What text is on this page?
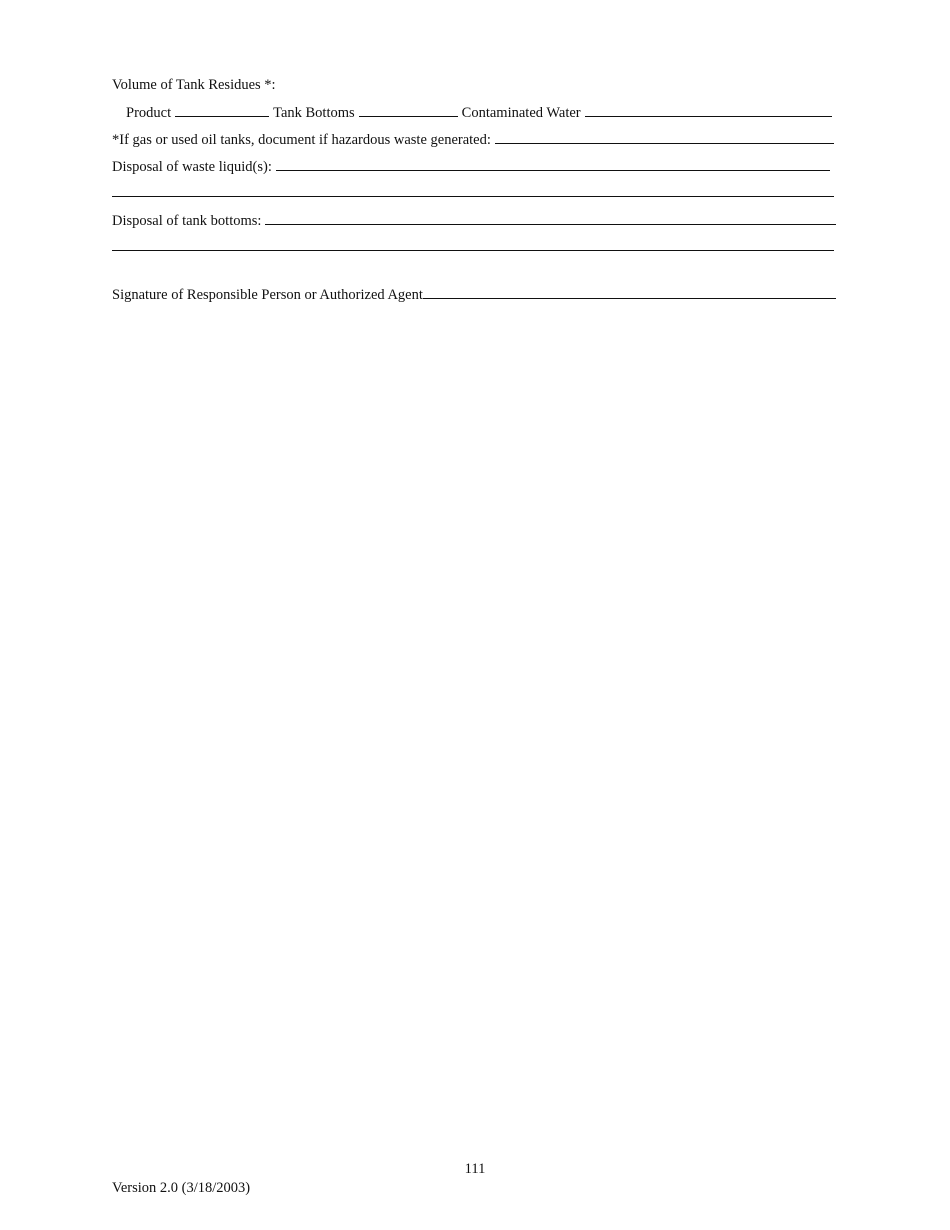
Volume of Tank Residues *:
Product	Tank Bottoms	Contaminated Water
*If gas or used oil tanks, document if hazardous waste generated:
Disposal of waste liquid(s):
Disposal of tank bottoms:
Signature of Responsible Person or Authorized Agent
111
Version 2.0 (3/18/2003)
